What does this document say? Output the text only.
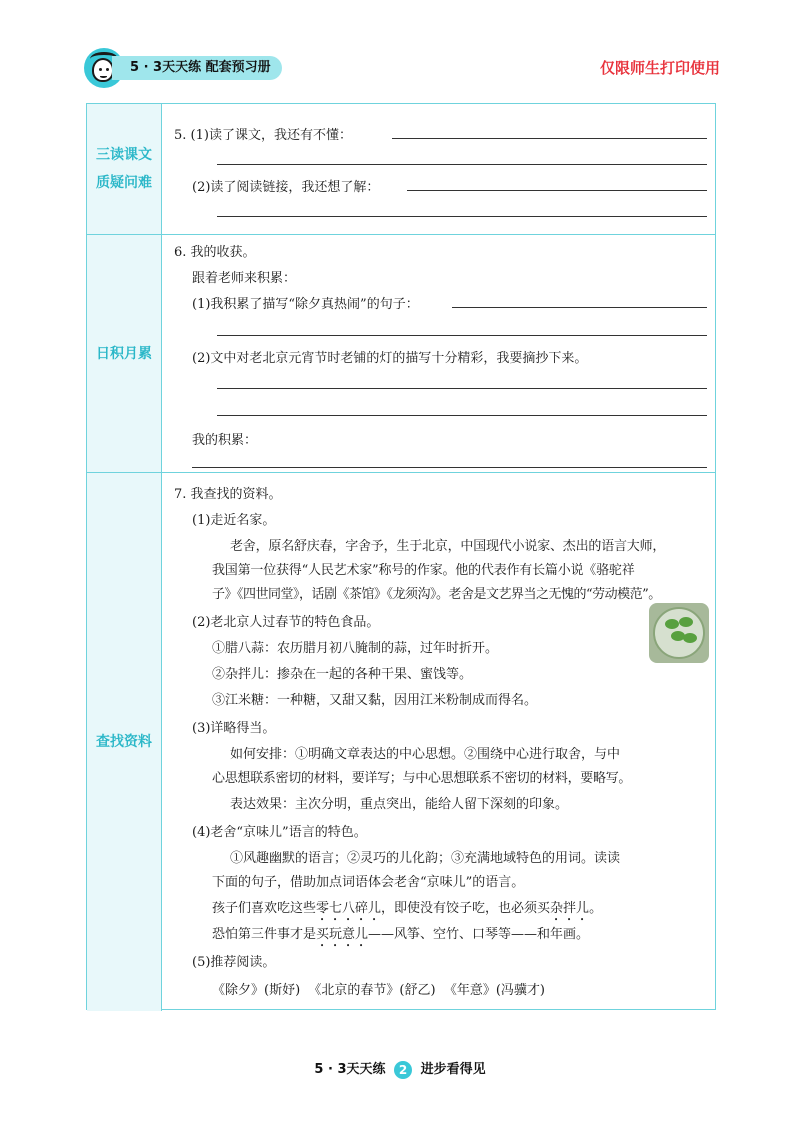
5 · 3天天练 配套预习册	仅限师生打印使用
三读课文
质疑问难
5. (1)读了课文，我还有不懂：
(2)读了阅读链接，我还想了解：
日积月累
6. 我的收获。
跟着老师来积累：
(1)我积累了描写“除夕真热闹”的句子：
(2)文中对老北京元宵节时老铺的灯的描写十分精彩，我要摘抄下来。
我的积累：
查找资料
7. 我查找的资料。
(1)走近名家。
老舍，原名舒庆春，字舍予，生于北京，中国现代小说家、杰出的语言大师，
我国第一位获得“人民艺术家”称号的作家。他的代表作有长篇小说《骆驼祥
子》《四世同堂》，话剧《茶馆》《龙须沟》。老舍是文艺界当之无愧的“劳动模范”。
(2)老北京人过春节的特色食品。
①腊八蒜：农历腊月初八腌制的蒜，过年时折开。
②杂拌儿：掺杂在一起的各种干果、蜜饯等。
③江米糖：一种糖，又甜又黏，因用江米粉制成而得名。
(3)详略得当。
如何安排：①明确文章表达的中心思想。②围绕中心进行取舍，与中
心思想联系密切的材料，要详写；与中心思想联系不密切的材料，要略写。
表达效果：主次分明，重点突出，能给人留下深刻的印象。
(4)老舍“京味儿”语言的特色。
①风趣幽默的语言；②灵巧的儿化韵；③充满地域特色的用词。读读
下面的句子，借助加点词语体会老舍“京味儿”的语言。
孩子们喜欢吃这些零七八碎儿，即使没有饺子吃，也必须买杂拌儿。
恐怕第三件事才是买玩意儿——风筝、空竹、口琴等——和年画。
(5)推荐阅读。
《除夕》(斯妤)  《北京的春节》(舒乙)  《年意》(冯骥才)
5 · 3天天练 2 进步看得见
